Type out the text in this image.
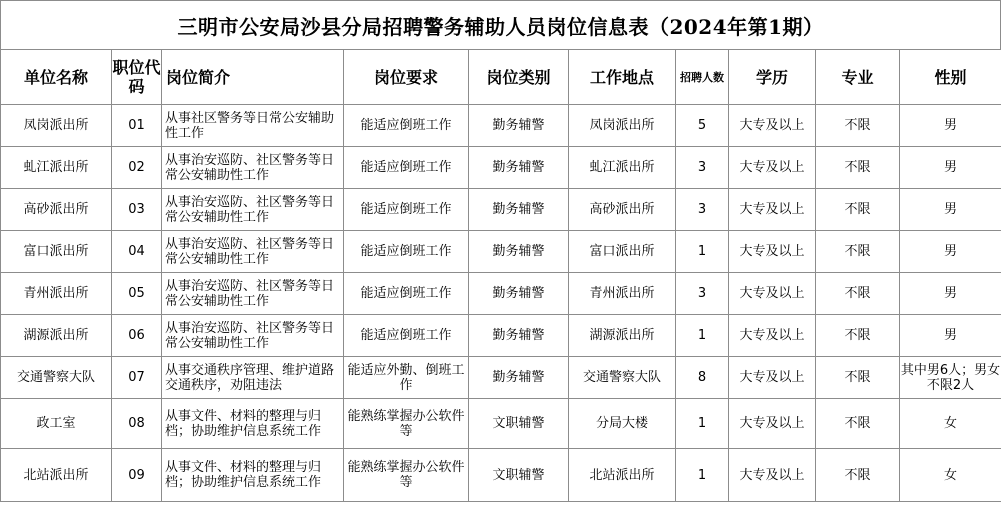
三明市公安局沙县分局招聘警务辅助人员岗位信息表（2024年第1期）
单位名称	职位代码	岗位简介	岗位要求	岗位类别	工作地点	招聘人数	学历	专业	性别
凤岗派出所	01	从事社区警务等日常公安辅助性工作	能适应倒班工作	勤务辅警	凤岗派出所	5	大专及以上	不限	男
虬江派出所	02	从事治安巡防、社区警务等日常公安辅助性工作	能适应倒班工作	勤务辅警	虬江派出所	3	大专及以上	不限	男
高砂派出所	03	从事治安巡防、社区警务等日常公安辅助性工作	能适应倒班工作	勤务辅警	高砂派出所	3	大专及以上	不限	男
富口派出所	04	从事治安巡防、社区警务等日常公安辅助性工作	能适应倒班工作	勤务辅警	富口派出所	1	大专及以上	不限	男
青州派出所	05	从事治安巡防、社区警务等日常公安辅助性工作	能适应倒班工作	勤务辅警	青州派出所	3	大专及以上	不限	男
湖源派出所	06	从事治安巡防、社区警务等日常公安辅助性工作	能适应倒班工作	勤务辅警	湖源派出所	1	大专及以上	不限	男
交通警察大队	07	从事交通秩序管理、维护道路交通秩序，劝阻违法	能适应外勤、倒班工作	勤务辅警	交通警察大队	8	大专及以上	不限	其中男6人；男女不限2人
政工室	08	从事文件、材料的整理与归档；协助维护信息系统工作	能熟练掌握办公软件等	文职辅警	分局大楼	1	大专及以上	不限	女
北站派出所	09	从事文件、材料的整理与归档；协助维护信息系统工作	能熟练掌握办公软件等	文职辅警	北站派出所	1	大专及以上	不限	女
